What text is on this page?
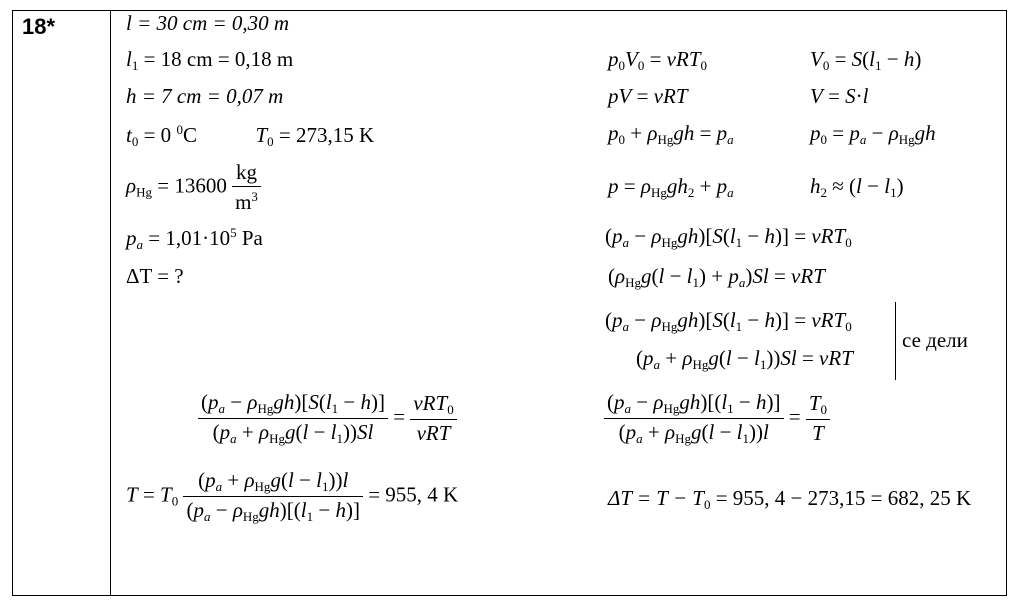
18*	l = 30 cm = 0,30 m
$l_1 = 18$ cm = 0,18 m
h = 7 cm = 0,07 m
$t_0 = 0$ $^0$C	$T_0 = 273,15$ K
$\rho_{Hg} = 13600 \frac{kg}{m^3}$
$p_a = 1,01\cdot 10^5$ Pa
ΔT = ?
$p_0V_0 = \nu RT_0$	$V_0 = S(l_1 - h)$
pV = νRT	V = S·l
$p_0 + \rho_{Hg}gh = p_a$	$p_0 = p_a - \rho_{Hg}gh$
$p = \rho_{Hg}gh_2 + p_a$	$h_2 \approx (l - l_1)$
$(p_a - \rho_{Hg}gh)[S(l_1 - h)] = \nu RT_0$
$(\rho_{Hg}g(l - l_1) + p_a)Sl = \nu RT$
$(p_a - \rho_{Hg}gh)[S(l_1 - h)] = \nu RT_0$
$(p_a + \rho_{Hg}g(l - l_1))Sl = \nu RT$
се дели
$\frac{(p_a - \rho_{Hg}gh)[S(l_1 - h)]}{(p_a + \rho_{Hg}g(l - l_1))Sl} = \frac{\nu RT_0}{\text{νRT}}$	$\frac{(p_a - \rho_{Hg}gh)[(l_1 - h)]}{(p_a + \rho_{Hg}g(l - l_1))l} = \frac{T_0}{T}$
$T = T_0 \frac{(p_a + \rho_{Hg}g(l - l_1))l}{(p_a - \rho_{Hg}gh)[(l_1 - h)]} = 955$, 4 K	$\Delta T = T - T_0 = 955$, 4 − 273,15 = 682, 25 K
